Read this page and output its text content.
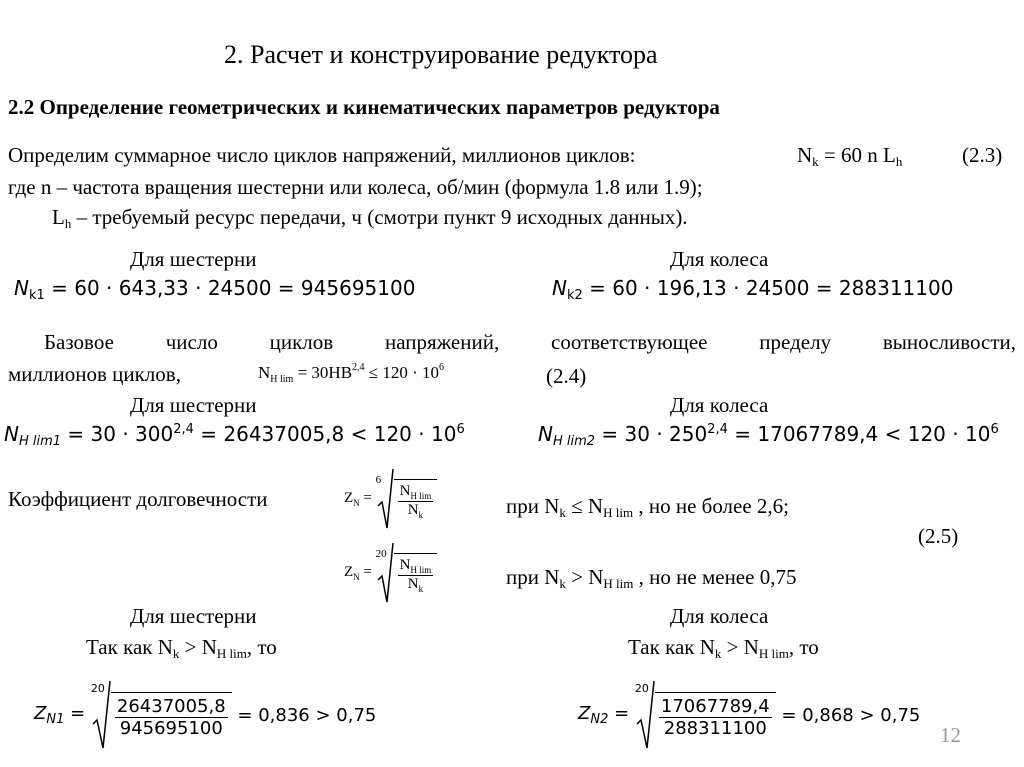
2. Расчет и конструирование редуктора
2.2 Определение геометрических и кинематических параметров редуктора
Определим суммарное число циклов напряжений, миллионов циклов:	$N_k = 60$ n $L_h$	(2.3)
где n – частота вращения шестерни или колеса, об/мин (формула 1.8 или 1.9);
$L_h$ – требуемый ресурс передачи, ч (смотри пункт 9 исходных данных).
Для шестерни	Для колеса
$N_{k1} = 60 \cdot 643,33 \cdot 24500 = 945695100$	$N_{k2} = 60 \cdot 196,13 \cdot 24500 = 288311100$
Базовое число циклов напряжений, соответствующее пределу выносливости,
миллионов циклов,	$N_{H lim} = 30HB^{2,4} \le 120 \cdot 10^6$	(2.4)
Для шестерни	Для колеса
$N_{H lim1} = 30 \cdot 300^{2,4} = 26437005,8 < 120 \cdot 10^6$	$N_{H lim2} = 30 \cdot 250^{2,4} = 17067789,4 < 120 \cdot 10^6$
Коэффициент долговечности	$Z_N$ =
6
$\frac{N_{H lim}}{N_k}$	при $N_k \le N_{H lim}$ , но не более 2,6;
(2.5)
$Z_N$ =
20
$\frac{N_{H lim}}{N_k}$	при $N_k > N_{H lim}$ , но не менее 0,75
Для шестерни	Для колеса
Так как $N_k > N_{H lim}$, то	Так как $N_k > N_{H lim}$, то
$Z_{N1}$ =
20
$\frac{26437005,8}{945695100} = 0,836 > 0,75$	$Z_{N2}$ =
20
$\frac{17067789,4}{288311100} = 0,868 > 0,75$
12
